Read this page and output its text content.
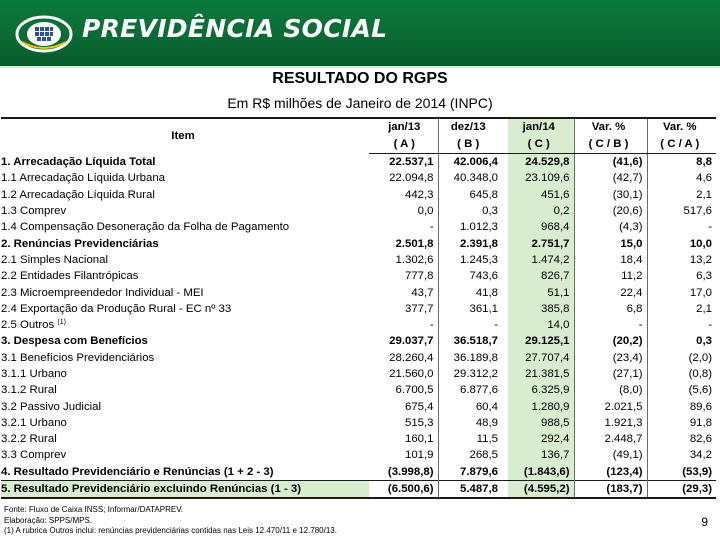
PREVIDÊNCIA SOCIAL
RESULTADO DO RGPS
Em R$ milhões de Janeiro de 2014 (INPC)
Item		jan/13	dez/13		jan/14	Var. %	Var. %
		( A )	( B )		( C )	( C / B )	( C / A )
1. Arrecadação Líquida Total		22.537,1	42.006,4		24.529,8	(41,6)	8,8
1.1 Arrecadação Líquida Urbana		22.094,8	40.348,0		23.109,6	(42,7)	4,6
1.2 Arrecadação Líquida Rural		442,3	645,8		451,6	(30,1)	2,1
1.3 Comprev		0,0	0,3		0,2	(20,6)	517,6
1.4 Compensação Desoneração da Folha de Pagamento		-	1.012,3		968,4	(4,3)	-
2. Renúncias Previdenciárias		2.501,8	2.391,8		2.751,7	15,0	10,0
2.1 Simples Nacional		1.302,6	1.245,3		1.474,2	18,4	13,2
2.2 Entidades Filantrópicas		777,8	743,6		826,7	11,2	6,3
2.3 Microempreendedor Individual - MEI		43,7	41,8		51,1	22,4	17,0
2.4 Exportação da Produção Rural - EC nº 33		377,7	361,1		385,8	6,8	2,1
2.5 Outros $^{(1)}$		-	-		14,0	-	-
3. Despesa com Benefícios		29.037,7	36.518,7		29.125,1	(20,2)	0,3
3.1 Benefícios Previdenciários		28.260,4	36.189,8		27.707,4	(23,4)	(2,0)
3.1.1 Urbano		21.560,0	29.312,2		21.381,5	(27,1)	(0,8)
3.1.2 Rural		6.700,5	6.877,6		6.325,9	(8,0)	(5,6)
3.2 Passivo Judicial		675,4	60,4		1.280,9	2.021,5	89,6
3.2.1 Urbano		515,3	48,9		988,5	1.921,3	91,8
3.2.2 Rural		160,1	11,5		292,4	2.448,7	82,6
3.3 Comprev		101,9	268,5		136,7	(49,1)	34,2
4. Resultado Previdenciário e Renúncias (1 + 2 - 3)		(3.998,8)	7.879,6		(1.843,6)	(123,4)	(53,9)
5. Resultado Previdenciário excluindo Renúncias (1 - 3)		(6.500,6)	5.487,8		(4.595,2)	(183,7)	(29,3)
Fonte: Fluxo de Caixa INSS; Informar/DATAPREV.
Elaboração: SPPS/MPS.
(1) A rubrica Outros inclui: renúncias previdenciárias contidas nas Leis 12.470/11 e 12.780/13.
9
